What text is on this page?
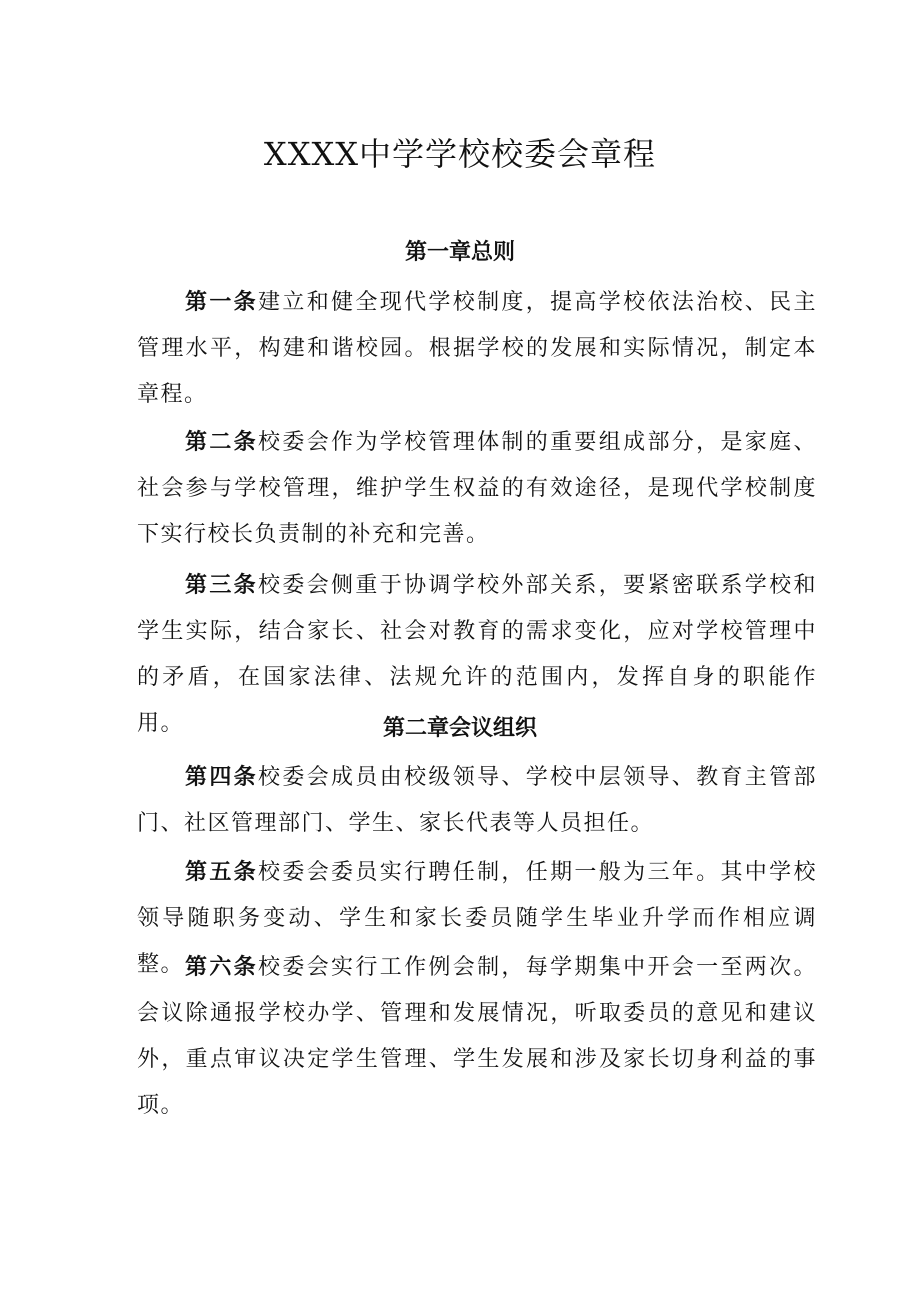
XXXX中学学校校委会章程
第一章总则

第一条建立和健全现代学校制度，提高学校依法治校、民主管理水平，构建和谐校园。根据学校的发展和实际情况，制定本章程。

第二条校委会作为学校管理体制的重要组成部分，是家庭、社会参与学校管理，维护学生权益的有效途径，是现代学校制度下实行校长负责制的补充和完善。

第三条校委会侧重于协调学校外部关系，要紧密联系学校和学生实际，结合家长、社会对教育的需求变化，应对学校管理中的矛盾，在国家法律、法规允许的范围内，发挥自身的职能作用。	第二章会议组织

第四条校委会成员由校级领导、学校中层领导、教育主管部门、社区管理部门、学生、家长代表等人员担任。

第五条校委会委员实行聘任制，任期一般为三年。其中学校领导随职务变动、学生和家长委员随学生毕业升学而作相应调整。 第六条校委会实行工作例会制，每学期集中开会一至两次。会议除通报学校办学、管理和发展情况，听取委员的意见和建议外，重点审议决定学生管理、学生发展和涉及家长切身利益的事项。
